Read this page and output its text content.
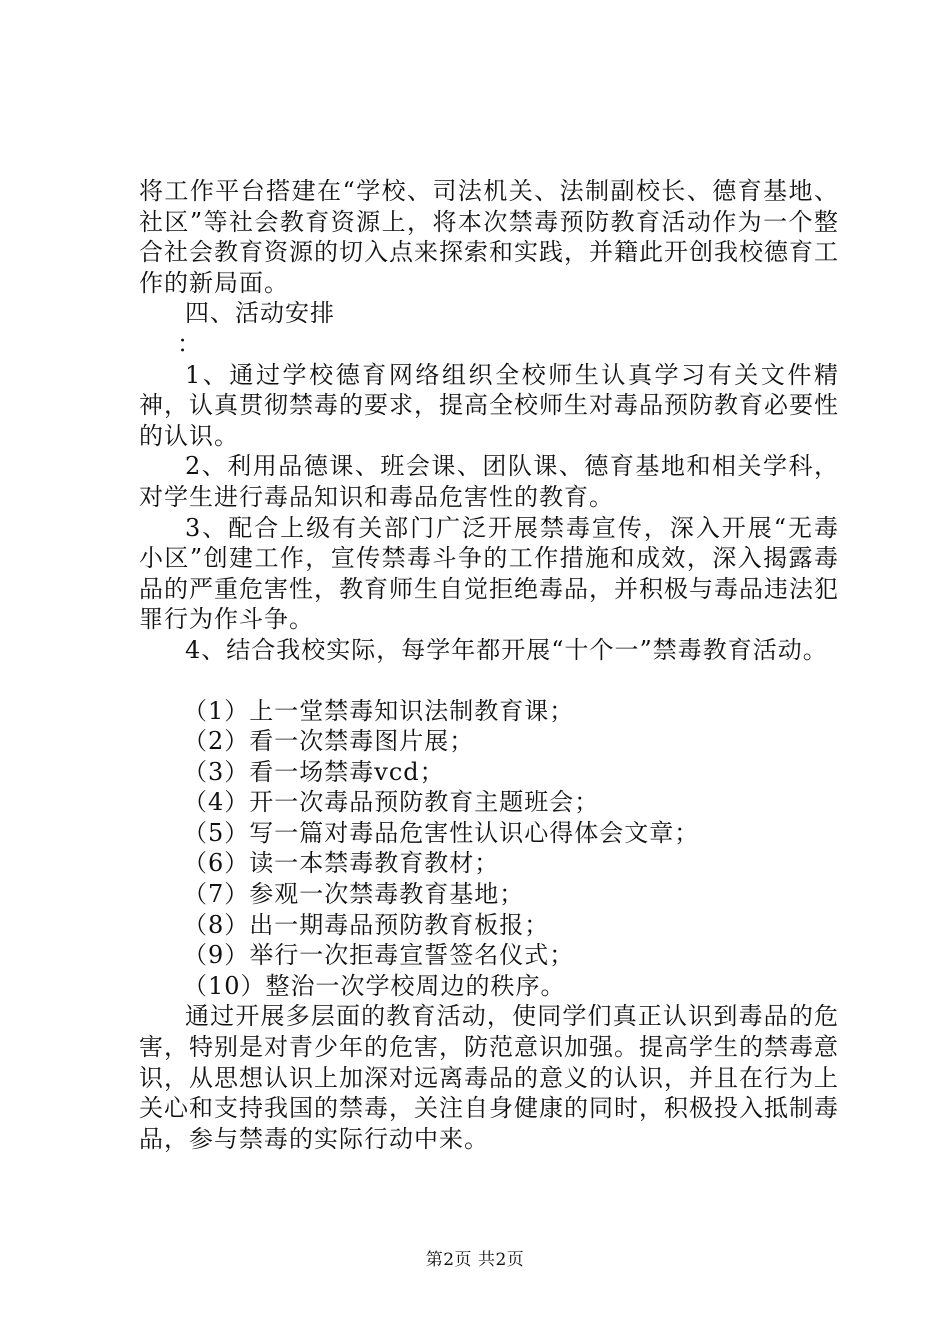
将工作平台搭建在“学校、司法机关、法制副校长、德育基地、社区”等社会教育资源上，将本次禁毒预防教育活动作为一个整合社会教育资源的切入点来探索和实践，并籍此开创我校德育工作的新局面。

四、活动安排

：

1、通过学校德育网络组织全校师生认真学习有关文件精神，认真贯彻禁毒的要求，提高全校师生对毒品预防教育必要性的认识。

2、利用品德课、班会课、团队课、德育基地和相关学科，对学生进行毒品知识和毒品危害性的教育。

3、配合上级有关部门广泛开展禁毒宣传，深入开展“无毒小区”创建工作，宣传禁毒斗争的工作措施和成效，深入揭露毒品的严重危害性，教育师生自觉拒绝毒品，并积极与毒品违法犯罪行为作斗争。

4、结合我校实际，每学年都开展“十个一”禁毒教育活动。

（1）上一堂禁毒知识法制教育课；

（2）看一次禁毒图片展；

（3）看一场禁毒vcd；

（4）开一次毒品预防教育主题班会；

（5）写一篇对毒品危害性认识心得体会文章；

（6）读一本禁毒教育教材；

（7）参观一次禁毒教育基地；

（8）出一期毒品预防教育板报；

（9）举行一次拒毒宣誓签名仪式；

（10）整治一次学校周边的秩序。

通过开展多层面的教育活动，使同学们真正认识到毒品的危害，特别是对青少年的危害，防范意识加强。提高学生的禁毒意识，从思想认识上加深对远离毒品的意义的认识，并且在行为上关心和支持我国的禁毒，关注自身健康的同时，积极投入抵制毒品，参与禁毒的实际行动中来。

第2页 共2页
